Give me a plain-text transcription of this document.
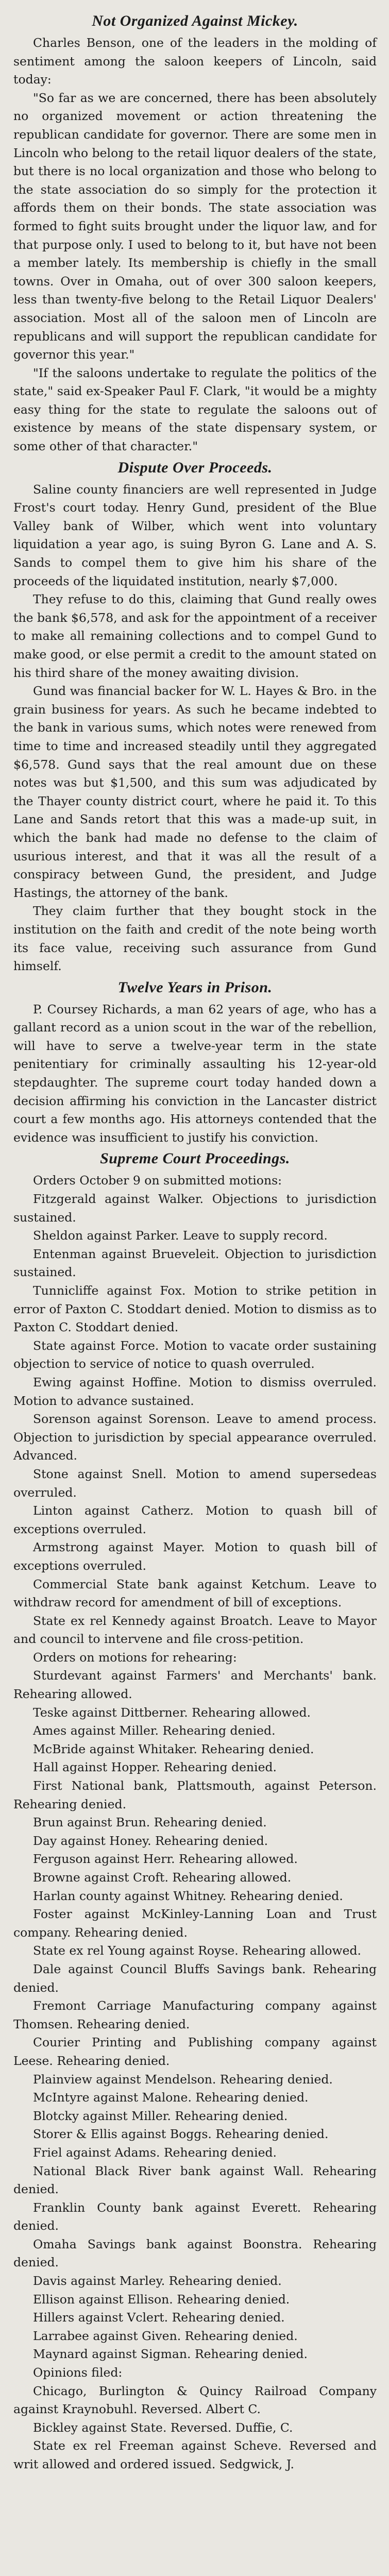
Not Organized Against Mickey.

Charles Benson, one of the leaders in the molding of sentiment among the saloon keepers of Lincoln, said today:

"So far as we are concerned, there has been absolutely no organized movement or action threatening the republican candidate for governor. There are some men in Lincoln who belong to the retail liquor dealers of the state, but there is no local organization and those who belong to the state association do so simply for the protection it affords them on their bonds. The state association was formed to fight suits brought under the liquor law, and for that purpose only. I used to belong to it, but have not been a member lately. Its membership is chiefly in the small towns. Over in Omaha, out of over 300 saloon keepers, less than twenty-five belong to the Retail Liquor Dealers' association. Most all of the saloon men of Lincoln are republicans and will support the republican candidate for governor this year."

"If the saloons undertake to regulate the politics of the state," said ex-Speaker Paul F. Clark, "it would be a mighty easy thing for the state to regulate the saloons out of existence by means of the state dispensary system, or some other of that character."

Dispute Over Proceeds.

Saline county financiers are well represented in Judge Frost's court today. Henry Gund, president of the Blue Valley bank of Wilber, which went into voluntary liquidation a year ago, is suing Byron G. Lane and A. S. Sands to compel them to give him his share of the proceeds of the liquidated institution, nearly $7,000.

They refuse to do this, claiming that Gund really owes the bank $6,578, and ask for the appointment of a receiver to make all remaining collections and to compel Gund to make good, or else permit a credit to the amount stated on his third share of the money awaiting division.

Gund was financial backer for W. L. Hayes & Bro. in the grain business for years. As such he became indebted to the bank in various sums, which notes were renewed from time to time and increased steadily until they aggregated $6,578. Gund says that the real amount due on these notes was but $1,500, and this sum was adjudicated by the Thayer county district court, where he paid it. To this Lane and Sands retort that this was a made-up suit, in which the bank had made no defense to the claim of usurious interest, and that it was all the result of a conspiracy between Gund, the president, and Judge Hastings, the attorney of the bank.

They claim further that they bought stock in the institution on the faith and credit of the note being worth its face value, receiving such assurance from Gund himself.

Twelve Years in Prison.

P. Coursey Richards, a man 62 years of age, who has a gallant record as a union scout in the war of the rebellion, will have to serve a twelve-year term in the state penitentiary for criminally assaulting his 12-year-old stepdaughter. The supreme court today handed down a decision affirming his conviction in the Lancaster district court a few months ago. His attorneys contended that the evidence was insufficient to justify his conviction.

Supreme Court Proceedings.

Orders October 9 on submitted motions:

Fitzgerald against Walker. Objections to jurisdiction sustained.

Sheldon against Parker. Leave to supply record.

Entenman against Brueveleit. Objection to jurisdiction sustained.

Tunnicliffe against Fox. Motion to strike petition in error of Paxton C. Stoddart denied. Motion to dismiss as to Paxton C. Stoddart denied.

State against Force. Motion to vacate order sustaining objection to service of notice to quash overruled.

Ewing against Hoffine. Motion to dismiss overruled. Motion to advance sustained.

Sorenson against Sorenson. Leave to amend process. Objection to jurisdiction by special appearance overruled. Advanced.

Stone against Snell. Motion to amend supersedeas overruled.

Linton against Catherz. Motion to quash bill of exceptions overruled.

Armstrong against Mayer. Motion to quash bill of exceptions overruled.

Commercial State bank against Ketchum. Leave to withdraw record for amendment of bill of exceptions.

State ex rel Kennedy against Broatch. Leave to Mayor and council to intervene and file cross-petition.

Orders on motions for rehearing:

Sturdevant against Farmers' and Merchants' bank. Rehearing allowed.

Teske against Dittberner. Rehearing allowed.

Ames against Miller. Rehearing denied.

McBride against Whitaker. Rehearing denied.

Hall against Hopper. Rehearing denied.

First National bank, Plattsmouth, against Peterson. Rehearing denied.

Brun against Brun. Rehearing denied.

Day against Honey. Rehearing denied.

Ferguson against Herr. Rehearing allowed.

Browne against Croft. Rehearing allowed.

Harlan county against Whitney. Rehearing denied.

Foster against McKinley-Lanning Loan and Trust company. Rehearing denied.

State ex rel Young against Royse. Rehearing allowed.

Dale against Council Bluffs Savings bank. Rehearing denied.

Fremont Carriage Manufacturing company against Thomsen. Rehearing denied.

Courier Printing and Publishing company against Leese. Rehearing denied.

Plainview against Mendelson. Rehearing denied.

McIntyre against Malone. Rehearing denied.

Blotcky against Miller. Rehearing denied.

Storer & Ellis against Boggs. Rehearing denied.

Friel against Adams. Rehearing denied.

National Black River bank against Wall. Rehearing denied.

Franklin County bank against Everett. Rehearing denied.

Omaha Savings bank against Boonstra. Rehearing denied.

Davis against Marley. Rehearing denied.

Ellison against Ellison. Rehearing denied.

Hillers against Vclert. Rehearing denied.

Larrabee against Given. Rehearing denied.

Maynard against Sigman. Rehearing denied.

Opinions filed:

Chicago, Burlington & Quincy Railroad Company against Kraynobuhl. Reversed. Albert C.

Bickley against State. Reversed. Duffie, C.

State ex rel Freeman against Scheve. Reversed and writ allowed and ordered issued. Sedgwick, J.
